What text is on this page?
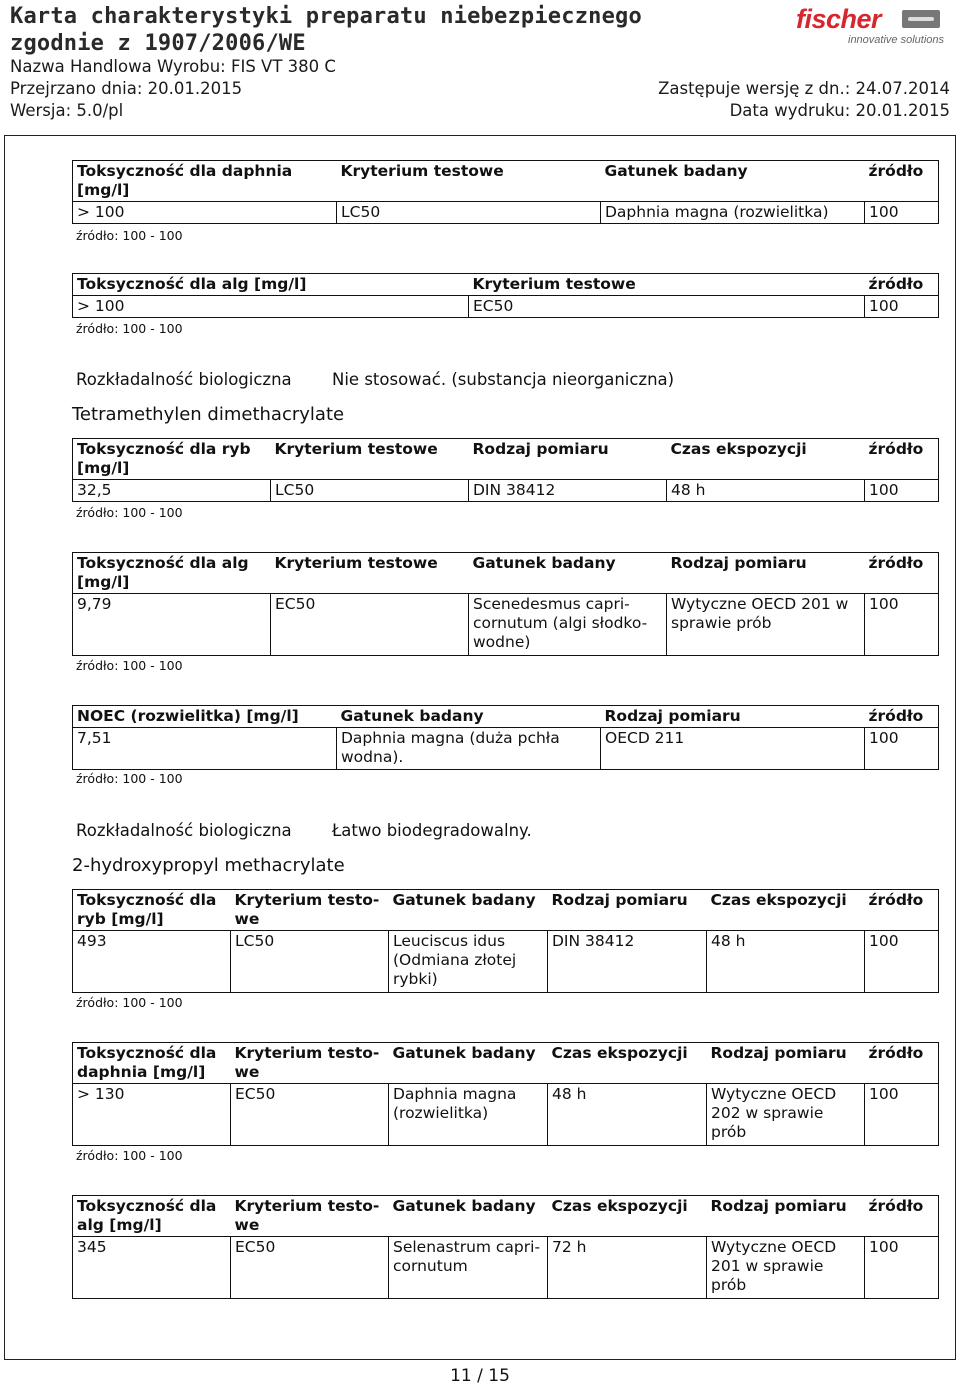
Karta charakterystyki preparatu niebezpiecznego
zgodnie z 1907/2006/WE
Nazwa Handlowa Wyrobu: FIS VT 380 C
Przejrzano dnia: 20.01.2015
Wersja: 5.0/pl
Zastępuje wersję z dn.: 24.07.2014
Data wydruku: 20.01.2015
fischer
innovative solutions
Toksyczność dla daphnia [mg/l]	Kryterium testowe	Gatunek badany	źródło
> 100	LC50	Daphnia magna (rozwielitka)	100
źródło: 100 - 100
Toksyczność dla alg [mg/l]	Kryterium testowe	źródło
> 100	EC50	100
źródło: 100 - 100
Rozkładalność biologiczna Nie stosować. (substancja nieorganiczna)
Tetramethylen dimethacrylate
Toksyczność dla ryb [mg/l]	Kryterium testowe	Rodzaj pomiaru	Czas ekspozycji	źródło
32,5	LC50	DIN 38412	48 h	100
źródło: 100 - 100
Toksyczność dla alg [mg/l]	Kryterium testowe	Gatunek badany	Rodzaj pomiaru	źródło
9,79	EC50	Scenedesmus capri-cornutum (algi słodko-wodne)	Wytyczne OECD 201 w sprawie prób	100
źródło: 100 - 100
NOEC (rozwielitka) [mg/l]	Gatunek badany	Rodzaj pomiaru	źródło
7,51	Daphnia magna (duża pchła wodna).	OECD 211	100
źródło: 100 - 100
Rozkładalność biologiczna Łatwo biodegradowalny.
2-hydroxypropyl methacrylate
Toksyczność dla ryb [mg/l]	Kryterium testo-we	Gatunek badany	Rodzaj pomiaru	Czas ekspozycji	źródło
493	LC50	Leuciscus idus (Odmiana złotej rybki)	DIN 38412	48 h	100
źródło: 100 - 100
Toksyczność dla daphnia [mg/l]	Kryterium testo-we	Gatunek badany	Czas ekspozycji	Rodzaj pomiaru	źródło
> 130	EC50	Daphnia magna (rozwielitka)	48 h	Wytyczne OECD 202 w sprawie prób	100
źródło: 100 - 100
Toksyczność dla alg [mg/l]	Kryterium testo-we	Gatunek badany	Czas ekspozycji	Rodzaj pomiaru	źródło
345	EC50	Selenastrum capri-cornutum	72 h	Wytyczne OECD 201 w sprawie prób	100
11 / 15
